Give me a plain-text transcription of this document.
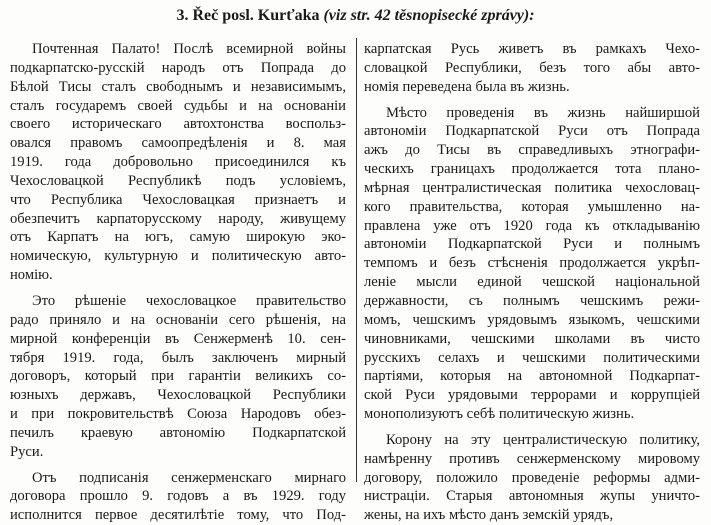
3. Řeč posl. Kurťaka (viz str. 42 těsnopisecké zprávy):
Почтенная Палато! Послѣ всемирной войны
подкарпатско-русскій народъ отъ Попрада до
Бѣлой Тисы сталъ свободнымъ и независимымъ,
сталъ государемъ своей судьбы и на основаніи
своего историческаго автохтонства воспольз-
овался правомъ самоопредѣленія и 8. мая
1919. года добровольно присоединился къ
Чехословацкой Республикѣ подъ условіемъ,
что Республика Чехословацкая признаетъ и
обезпечитъ карпаторусскому народу, живущему
отъ Карпатъ на югъ, самую широкую эко-
номическую, культурную и политическую авто-
номію.
Это рѣшеніе чехословацкое правительство
радо приняло и на основаніи сего рѣшенія, на
мирной конференціи въ Сенжерменѣ 10. сен-
тября 1919. года, былъ заключенъ мирный
договоръ, который при гарантіи великихъ со-
юзныхъ державъ, Чехословацкой Республики
и при покровительствѣ Союза Народовъ обез-
печилъ краевую автономію Подкарпатской
Руси.
Отъ подписанія сенжерменскаго мирнаго
договора прошло 9. годовъ а въ 1929. году
исполнится первое десятилѣтіе тому, что Под-
карпатская Русь живетъ въ рамкахъ Чехо-
словацкой Республики, безъ того абы авто-
номія переведена была въ жизнь.
Мѣсто проведенія въ жизнь найширшой
автономіи Подкарпатской Руси отъ Попрада
ажъ до Тисы въ справедливыхъ этнографи-
ческихъ границахъ продолжается тота плано-
мѣрная централистическая политика чехословац-
кого правительства, которая умышленно на-
правлена уже отъ 1920 года къ откладыванію
автономіи Подкарпатской Руси и полнымъ
темпомъ и безъ стѣсненія продолжается укрѣп-
леніе мысли единой чешской національной
державности, съ полнымъ чешскимъ режи-
момъ, чешскимъ урядовымъ языкомъ, чешскими
чиновниками, чешскими школами въ чисто
русскихъ селахъ и чешскими политическими
партіями, которыя на автономной Подкарпат-
ской Руси урядовыми террорами и коррупціей
монополизуютъ себѣ политическую жизнь.
Корону на эту централистическую политику,
намѣренну противъ сенжерменскому мировому
договору, положило проведеніе реформы адми-
нистраціи. Старыя автономныя жупы уничто-
жены, на ихъ мѣсто данъ земскій урядъ,
